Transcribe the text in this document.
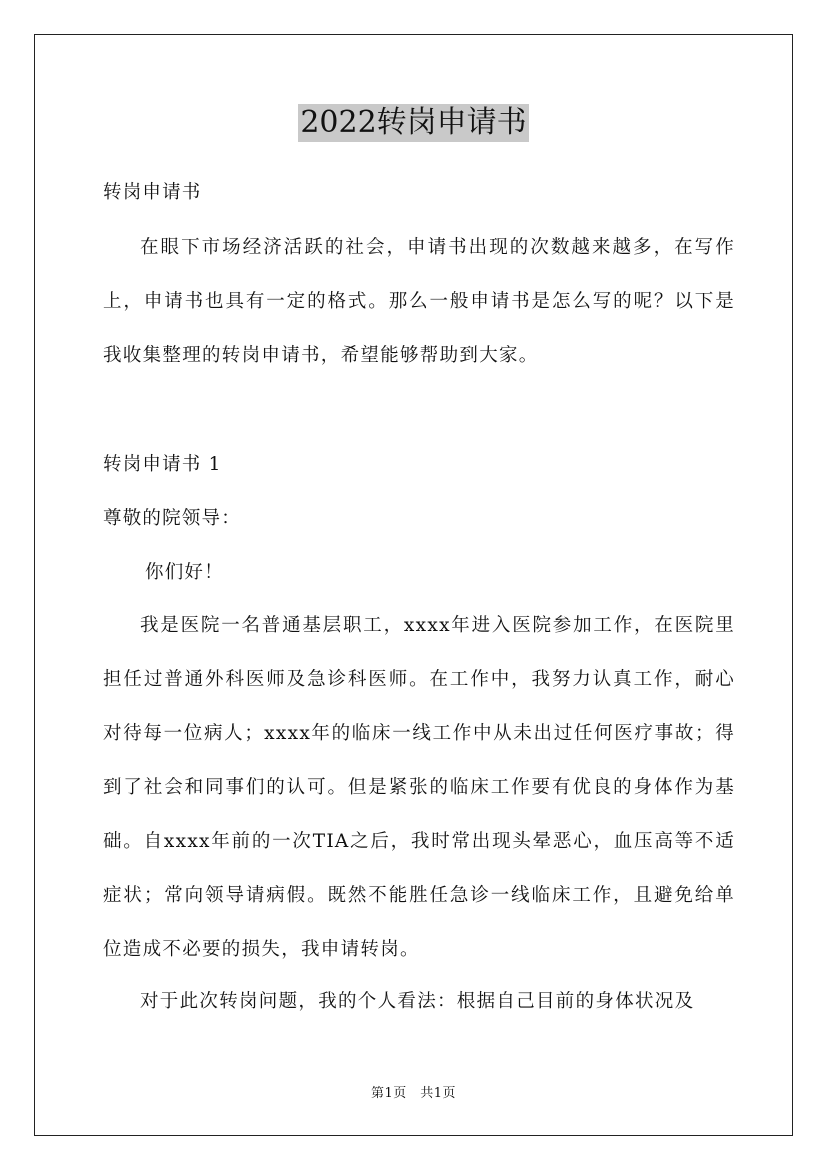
2022转岗申请书
转岗申请书
在眼下市场经济活跃的社会，申请书出现的次数越来越多，在写作上，申请书也具有一定的格式。那么一般申请书是怎么写的呢？以下是我收集整理的转岗申请书，希望能够帮助到大家。
转岗申请书 1
尊敬的院领导：
你们好！
我是医院一名普通基层职工，xxxx年进入医院参加工作，在医院里担任过普通外科医师及急诊科医师。在工作中，我努力认真工作，耐心对待每一位病人；xxxx年的临床一线工作中从未出过任何医疗事故；得到了社会和同事们的认可。但是紧张的临床工作要有优良的身体作为基础。自xxxx年前的一次TIA之后，我时常出现头晕恶心，血压高等不适症状；常向领导请病假。既然不能胜任急诊一线临床工作，且避免给单位造成不必要的损失，我申请转岗。
对于此次转岗问题，我的个人看法：根据自己目前的身体状况及
第1页　共1页
